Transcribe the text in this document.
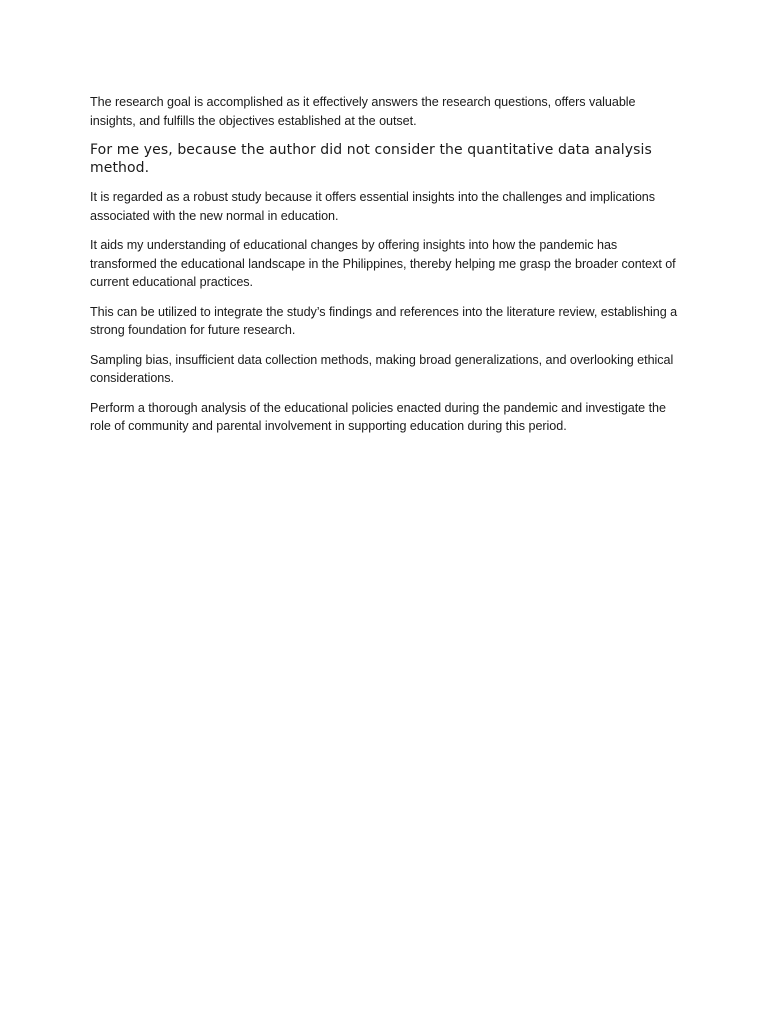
The research goal is accomplished as it effectively answers the research questions, offers valuable insights, and fulfills the objectives established at the outset.

For me yes, because the author did not consider the quantitative data analysis method.

It is regarded as a robust study because it offers essential insights into the challenges and implications associated with the new normal in education.

It aids my understanding of educational changes by offering insights into how the pandemic has transformed the educational landscape in the Philippines, thereby helping me grasp the broader context of current educational practices.

This can be utilized to integrate the study’s findings and references into the literature review, establishing a strong foundation for future research.

Sampling bias, insufficient data collection methods, making broad generalizations, and overlooking ethical considerations.

Perform a thorough analysis of the educational policies enacted during the pandemic and investigate the role of community and parental involvement in supporting education during this period.
